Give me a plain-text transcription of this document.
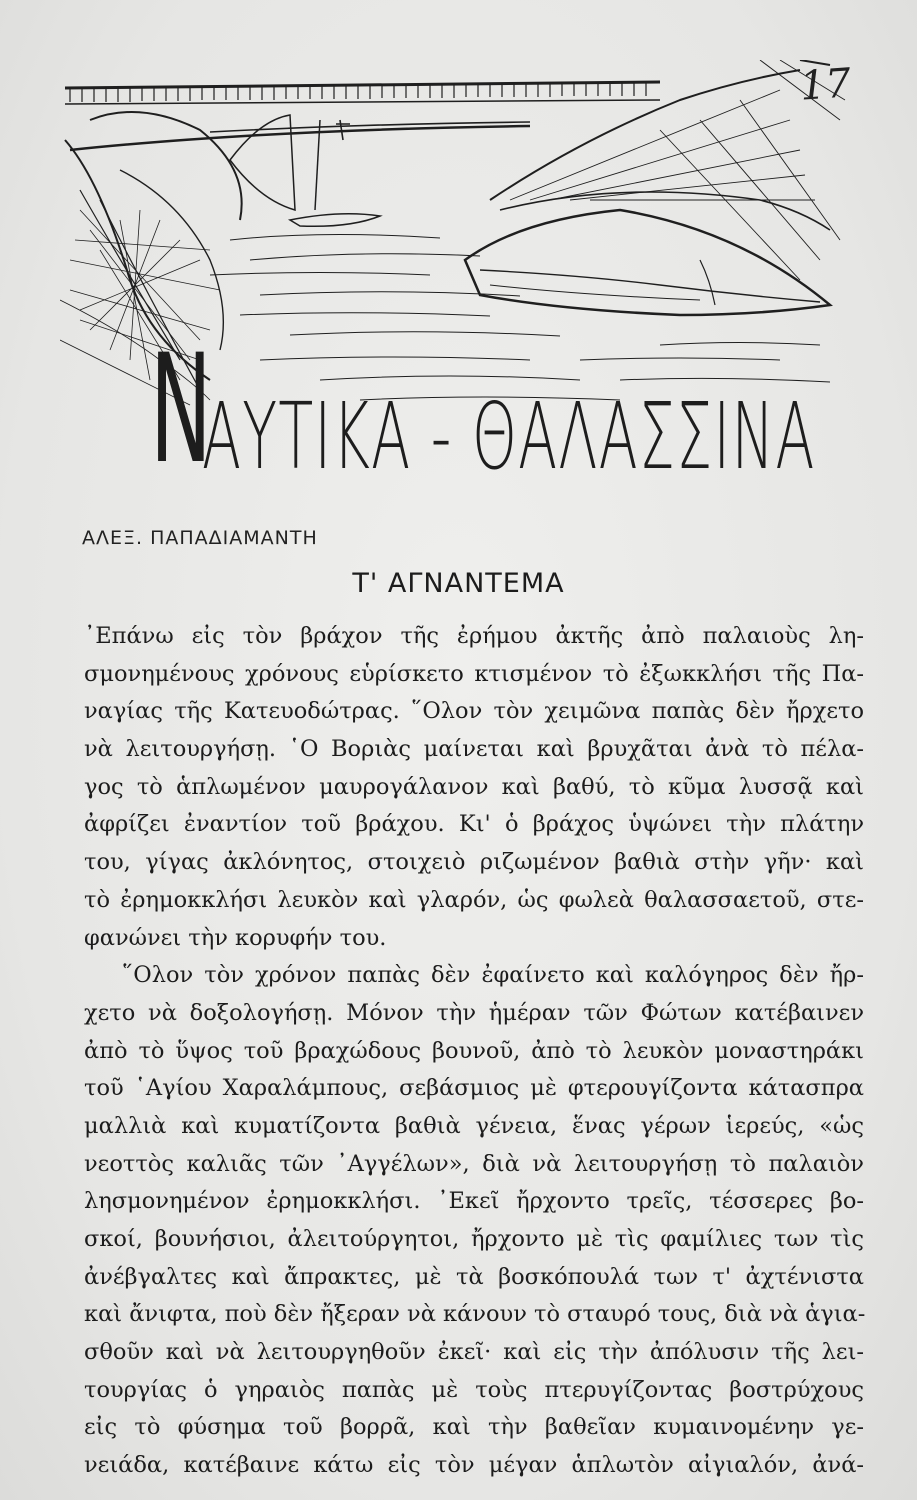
17
Ν
ΑΥΤΙΚΑ - ΘΑΛΑΣΣΙΝΑ
ΑΛΕΞ. ΠΑΠΑΔΙΑΜΑΝΤΗ
Τ' ΑΓΝΑΝΤΕΜΑ
᾿Επάνω εἰς τὸν βράχον τῆς ἐρήμου ἀκτῆς ἀπὸ παλαιοὺς λη-
σμονημένους χρόνους εὑρίσκετο κτισμένον τὸ ἐξωκκλήσι τῆς Πα-
ναγίας τῆς Κατευοδώτρας. ῞Ολον τὸν χειμῶνα παπὰς δὲν ἤρχετο
νὰ λειτουργήσῃ. ῾Ο Βοριὰς μαίνεται καὶ βρυχᾶται ἀνὰ τὸ πέλα-
γος τὸ ἁπλωμένον μαυρογάλανον καὶ βαθύ, τὸ κῦμα λυσσᾷ καὶ
ἀφρίζει ἐναντίον τοῦ βράχου. Κι' ὁ βράχος ὑψώνει τὴν πλάτην
του, γίγας ἀκλόνητος, στοιχειὸ ριζωμένον βαθιὰ στὴν γῆν· καὶ
τὸ ἐρημοκκλήσι λευκὸν καὶ γλαρόν, ὡς φωλεὰ θαλασσαετοῦ, στε-
φανώνει τὴν κορυφήν του.
῞Ολον τὸν χρόνον παπὰς δὲν ἐφαίνετο καὶ καλόγηρος δὲν ἤρ-
χετο νὰ δοξολογήσῃ. Μόνον τὴν ἡμέραν τῶν Φώτων κατέβαινεν
ἀπὸ τὸ ὕψος τοῦ βραχώδους βουνοῦ, ἀπὸ τὸ λευκὸν μοναστηράκι
τοῦ ῾Αγίου Χαραλάμπους, σεβάσμιος μὲ φτερουγίζοντα κάτασπρα
μαλλιὰ καὶ κυματίζοντα βαθιὰ γένεια, ἕνας γέρων ἱερεύς, «ὡς
νεοττὸς καλιᾶς τῶν ᾿Αγγέλων», διὰ νὰ λειτουργήσῃ τὸ παλαιὸν
λησμονημένον ἐρημοκκλήσι. ᾿Εκεῖ ἤρχοντο τρεῖς, τέσσερες βο-
σκοί, βουνήσιοι, ἀλειτούργητοι, ἤρχοντο μὲ τὶς φαμίλιες των τὶς
ἀνέβγαλτες καὶ ἄπρακτες, μὲ τὰ βοσκόπουλά των τ' ἀχτένιστα
καὶ ἄνιφτα, ποὺ δὲν ἤξεραν νὰ κάνουν τὸ σταυρό τους, διὰ νὰ ἁγια-
σθοῦν καὶ νὰ λειτουργηθοῦν ἐκεῖ· καὶ εἰς τὴν ἀπόλυσιν τῆς λει-
τουργίας ὁ γηραιὸς παπὰς μὲ τοὺς πτερυγίζοντας βοστρύχους
εἰς τὸ φύσημα τοῦ βορρᾶ, καὶ τὴν βαθεῖαν κυμαινομένην γε-
νειάδα, κατέβαινε κάτω εἰς τὸν μέγαν ἁπλωτὸν αἰγιαλόν, ἀνά-
